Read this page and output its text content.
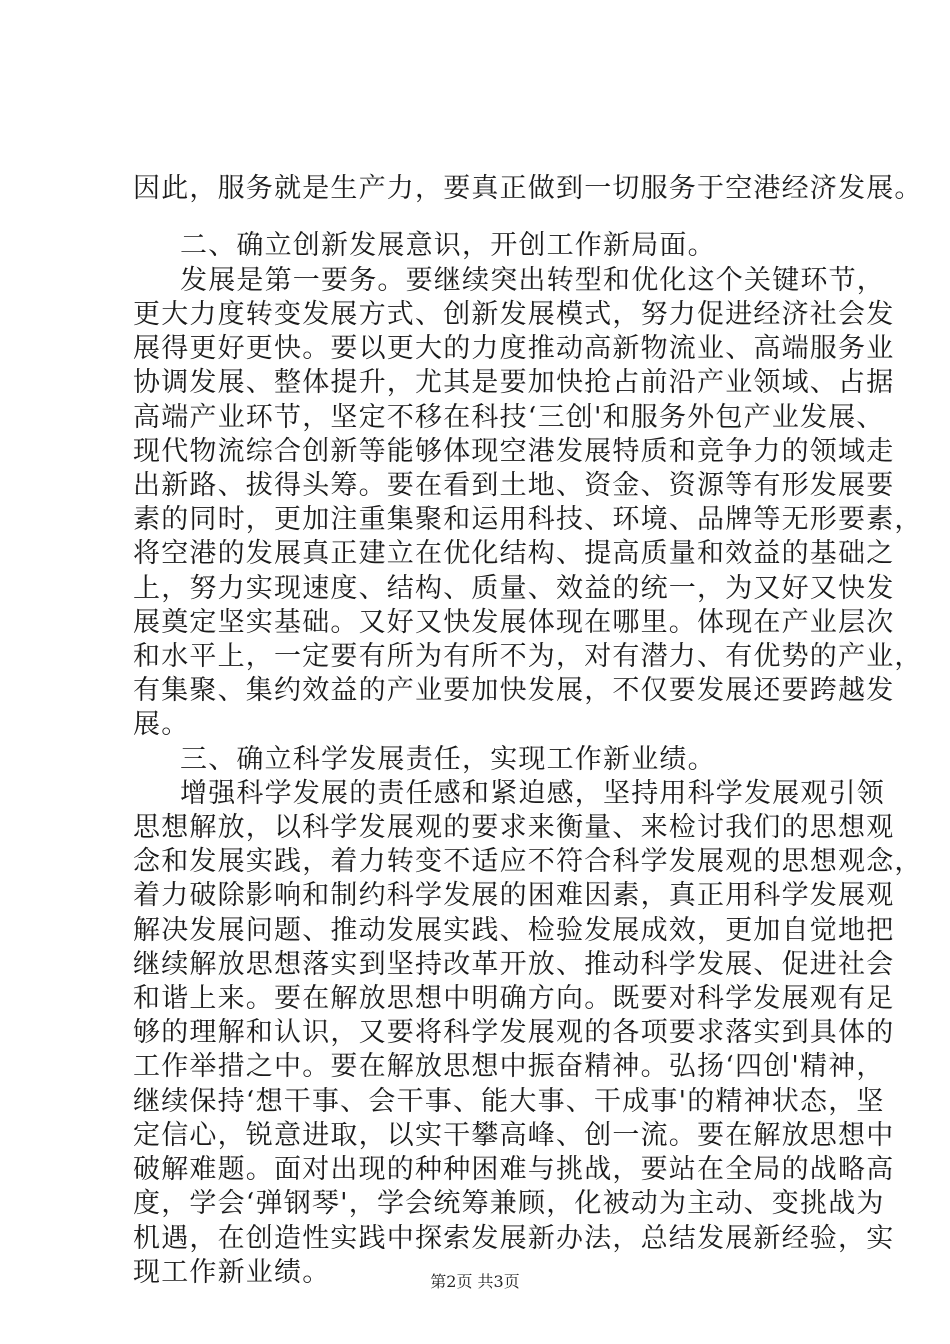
因此，服务就是生产力，要真正做到一切服务于空港经济发展。
二、确立创新发展意识，开创工作新局面。
发展是第一要务。要继续突出转型和优化这个关键环节，
更大力度转变发展方式、创新发展模式，努力促进经济社会发
展得更好更快。要以更大的力度推动高新物流业、高端服务业
协调发展、整体提升，尤其是要加快抢占前沿产业领域、占据
高端产业环节，坚定不移在科技‘三创'和服务外包产业发展、
现代物流综合创新等能够体现空港发展特质和竞争力的领域走
出新路、拔得头筹。要在看到土地、资金、资源等有形发展要
素的同时，更加注重集聚和运用科技、环境、品牌等无形要素，
将空港的发展真正建立在优化结构、提高质量和效益的基础之
上，努力实现速度、结构、质量、效益的统一，为又好又快发
展奠定坚实基础。又好又快发展体现在哪里。体现在产业层次
和水平上，一定要有所为有所不为，对有潜力、有优势的产业，
有集聚、集约效益的产业要加快发展，不仅要发展还要跨越发
展。
三、确立科学发展责任，实现工作新业绩。
增强科学发展的责任感和紧迫感，坚持用科学发展观引领
思想解放，以科学发展观的要求来衡量、来检讨我们的思想观
念和发展实践，着力转变不适应不符合科学发展观的思想观念，
着力破除影响和制约科学发展的困难因素，真正用科学发展观
解决发展问题、推动发展实践、检验发展成效，更加自觉地把
继续解放思想落实到坚持改革开放、推动科学发展、促进社会
和谐上来。要在解放思想中明确方向。既要对科学发展观有足
够的理解和认识，又要将科学发展观的各项要求落实到具体的
工作举措之中。要在解放思想中振奋精神。弘扬‘四创'精神，
继续保持‘想干事、会干事、能大事、干成事'的精神状态，坚
定信心，锐意进取，以实干攀高峰、创一流。要在解放思想中
破解难题。面对出现的种种困难与挑战，要站在全局的战略高
度，学会‘弹钢琴'，学会统筹兼顾，化被动为主动、变挑战为
机遇，在创造性实践中探索发展新办法，总结发展新经验，实
现工作新业绩。	第2页 共3页
